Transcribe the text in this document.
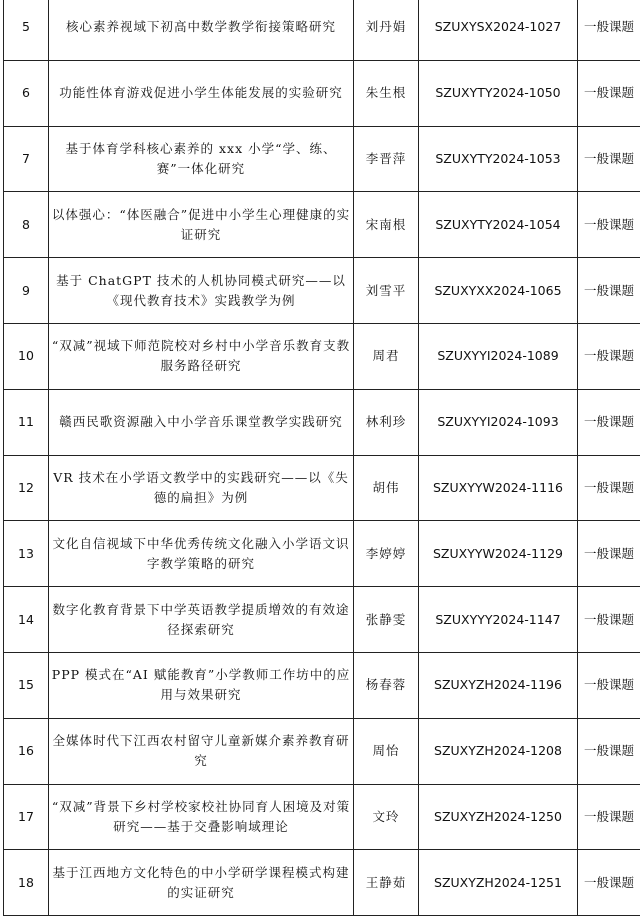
5	核心素养视域下初高中数学教学衔接策略研究	刘丹娟	SZUXYSX2024-1027	一般课题
6	功能性体育游戏促进小学生体能发展的实验研究	朱生根	SZUXYTY2024-1050	一般课题
7	基于体育学科核心素养的 xxx 小学“学、练、赛”一体化研究	李晋萍	SZUXYTY2024-1053	一般课题
8	以体强心：“体医融合”促进中小学生心理健康的实证研究	宋南根	SZUXYTY2024-1054	一般课题
9	基于 ChatGPT 技术的人机协同模式研究——以《现代教育技术》实践教学为例	刘雪平	SZUXYXX2024-1065	一般课题
10	“双减”视域下师范院校对乡村中小学音乐教育支教服务路径研究	周君	SZUXYYI2024-1089	一般课题
11	赣西民歌资源融入中小学音乐课堂教学实践研究	林利珍	SZUXYYI2024-1093	一般课题
12	VR 技术在小学语文教学中的实践研究——以《失德的扁担》为例	胡伟	SZUXYYW2024-1116	一般课题
13	文化自信视域下中华优秀传统文化融入小学语文识字教学策略的研究	李婷婷	SZUXYYW2024-1129	一般课题
14	数字化教育背景下中学英语教学提质增效的有效途径探索研究	张静雯	SZUXYYY2024-1147	一般课题
15	PPP 模式在“AI 赋能教育”小学教师工作坊中的应用与效果研究	杨春蓉	SZUXYZH2024-1196	一般课题
16	全媒体时代下江西农村留守儿童新媒介素养教育研究	周怡	SZUXYZH2024-1208	一般课题
17	“双减”背景下乡村学校家校社协同育人困境及对策研究——基于交叠影响域理论	文玲	SZUXYZH2024-1250	一般课题
18	基于江西地方文化特色的中小学研学课程模式构建的实证研究	王静茹	SZUXYZH2024-1251	一般课题
